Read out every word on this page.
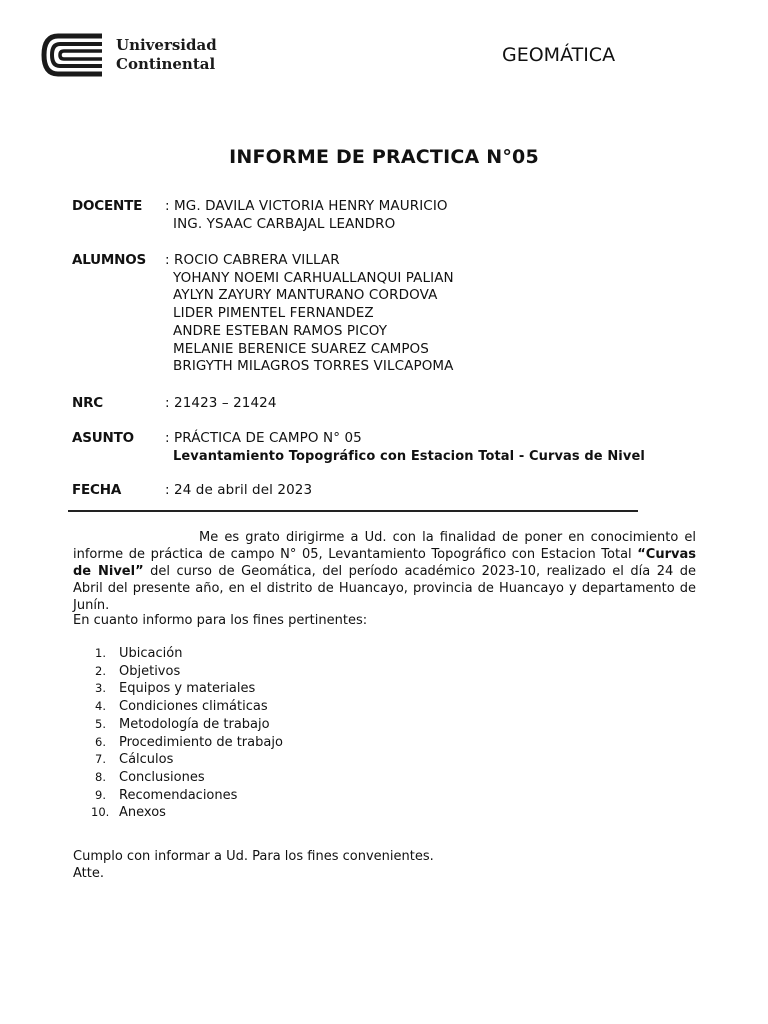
Universidad
Continental	GEOMÁTICA
INFORME DE PRACTICA N°05
DOCENTE : MG. DAVILA VICTORIA HENRY MAURICIO
ING. YSAAC CARBAJAL LEANDRO
ALUMNOS : ROCIO CABRERA VILLAR
YOHANY NOEMI CARHUALLANQUI PALIAN
AYLYN ZAYURY MANTURANO CORDOVA
LIDER PIMENTEL FERNANDEZ
ANDRE ESTEBAN RAMOS PICOY
MELANIE BERENICE SUAREZ CAMPOS
BRIGYTH MILAGROS TORRES VILCAPOMA
NRC	: 21423 – 21424
ASUNTO : PRÁCTICA DE CAMPO N° 05
Levantamiento Topográfico con Estacion Total - Curvas de Nivel
FECHA	: 24 de abril del 2023
Me es grato dirigirme a Ud. con la finalidad de poner en conocimiento el informe de práctica de campo N° 05, Levantamiento Topográfico con Estacion Total “Curvas de Nivel” del curso de Geomática, del período académico 2023-10, realizado el día 24 de Abril del presente año, en el distrito de Huancayo, provincia de Huancayo y departamento de Junín.
En cuanto informo para los fines pertinentes:
1. Ubicación
2. Objetivos
3. Equipos y materiales
4. Condiciones climáticas
5. Metodología de trabajo
6. Procedimiento de trabajo
7. Cálculos
8. Conclusiones
9. Recomendaciones
10. Anexos
Cumplo con informar a Ud. Para los fines convenientes.
Atte.
